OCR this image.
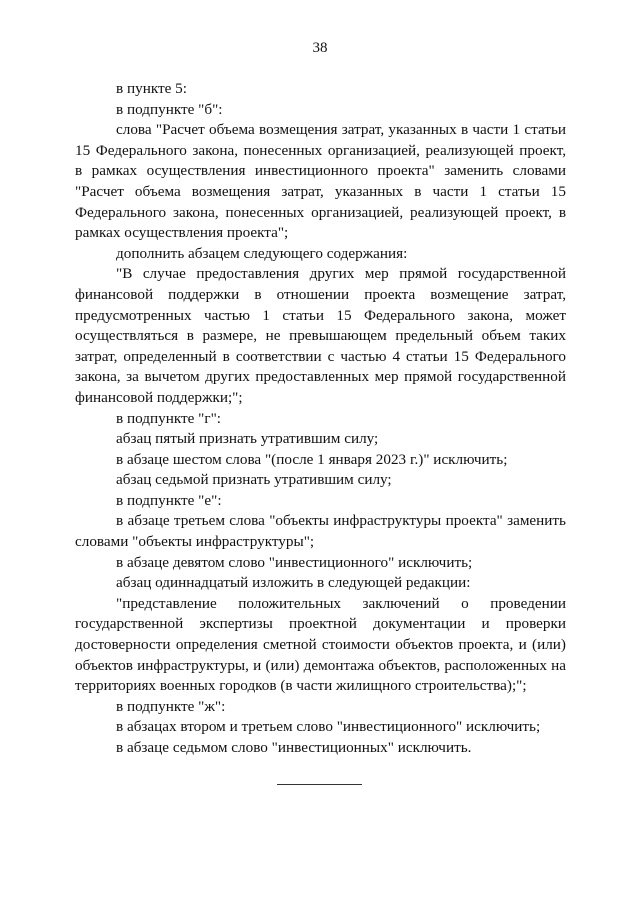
38

в пункте 5:

в подпункте "б":

слова "Расчет объема возмещения затрат, указанных в части 1 статьи 15 Федерального закона, понесенных организацией, реализующей проект, в рамках осуществления инвестиционного проекта" заменить словами "Расчет объема возмещения затрат, указанных в части 1 статьи 15 Федерального закона, понесенных организацией, реализующей проект, в рамках осуществления проекта";

дополнить абзацем следующего содержания:

"В случае предоставления других мер прямой государственной финансовой поддержки в отношении проекта возмещение затрат, предусмотренных частью 1 статьи 15 Федерального закона, может осуществляться в размере, не превышающем предельный объем таких затрат, определенный в соответствии с частью 4 статьи 15 Федерального закона, за вычетом других предоставленных мер прямой государственной финансовой поддержки;";

в подпункте "г":

абзац пятый признать утратившим силу;

в абзаце шестом слова "(после 1 января 2023 г.)" исключить;

абзац седьмой признать утратившим силу;

в подпункте "е":

в абзаце третьем слова "объекты инфраструктуры проекта" заменить словами "объекты инфраструктуры";

в абзаце девятом слово "инвестиционного" исключить;

абзац одиннадцатый изложить в следующей редакции:

"представление положительных заключений о проведении государственной экспертизы проектной документации и проверки достоверности определения сметной стоимости объектов проекта, и (или) объектов инфраструктуры, и (или) демонтажа объектов, расположенных на территориях военных городков (в части жилищного строительства);";

в подпункте "ж":

в абзацах втором и третьем слово "инвестиционного" исключить;

в абзаце седьмом слово "инвестиционных" исключить.
